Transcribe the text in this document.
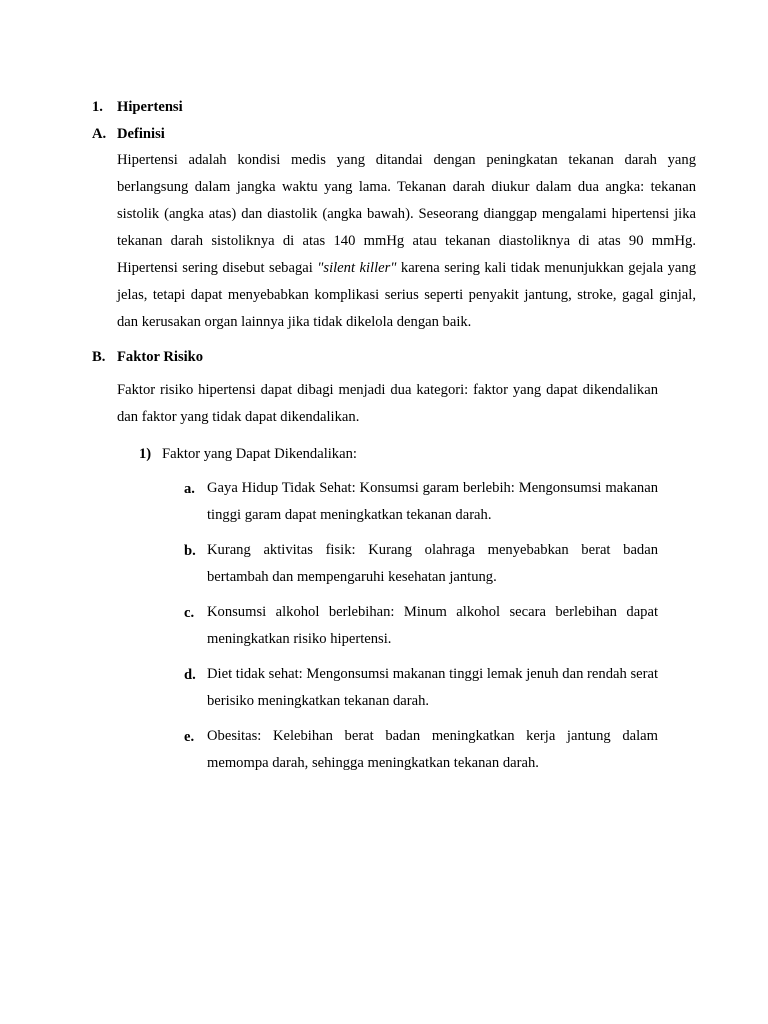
1. Hipertensi
A. Definisi

Hipertensi adalah kondisi medis yang ditandai dengan peningkatan tekanan darah yang berlangsung dalam jangka waktu yang lama. Tekanan darah diukur dalam dua angka: tekanan sistolik (angka atas) dan diastolik (angka bawah). Seseorang dianggap mengalami hipertensi jika tekanan darah sistoliknya di atas 140 mmHg atau tekanan diastoliknya di atas 90 mmHg. Hipertensi sering disebut sebagai "silent killer" karena sering kali tidak menunjukkan gejala yang jelas, tetapi dapat menyebabkan komplikasi serius seperti penyakit jantung, stroke, gagal ginjal, dan kerusakan organ lainnya jika tidak dikelola dengan baik.

B. Faktor Risiko

Faktor risiko hipertensi dapat dibagi menjadi dua kategori: faktor yang dapat dikendalikan dan faktor yang tidak dapat dikendalikan.

1) Faktor yang Dapat Dikendalikan:
a. Gaya Hidup Tidak Sehat: Konsumsi garam berlebih: Mengonsumsi makanan tinggi garam dapat meningkatkan tekanan darah.

b. Kurang aktivitas fisik: Kurang olahraga menyebabkan berat badan bertambah dan mempengaruhi kesehatan jantung.

c. Konsumsi alkohol berlebihan: Minum alkohol secara berlebihan dapat meningkatkan risiko hipertensi.

d. Diet tidak sehat: Mengonsumsi makanan tinggi lemak jenuh dan rendah serat berisiko meningkatkan tekanan darah.

e. Obesitas: Kelebihan berat badan meningkatkan kerja jantung dalam memompa darah, sehingga meningkatkan tekanan darah.
